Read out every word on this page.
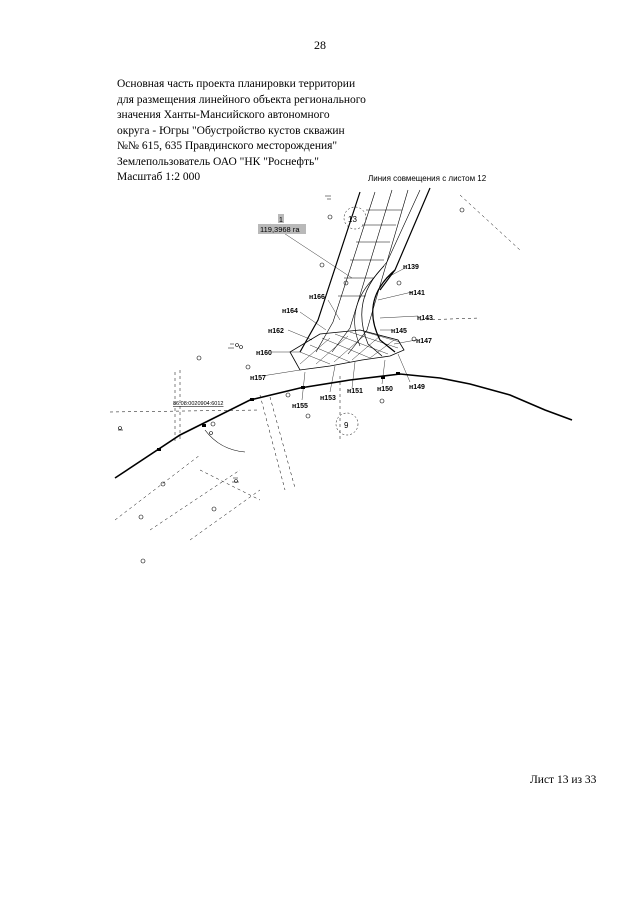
28
Основная часть проекта планировки территории
для размещения линейного объекта регионального
значения Ханты-Мансийского автономного
округа - Югры "Обустройство кустов скважин
№№ 615, 635 Правдинского месторождения"
Землепользователь ОАО "НК "Роснефть"
Масштаб 1:2 000	Линия совмещения с листом 12
1
119,3968 га
13
9
86:08:0020904:6012
н139
н141
н143
н145
н147
н149
н150
н151
н153
н155
н157
н160
н162
н164
н166
Лист 13 из 33
